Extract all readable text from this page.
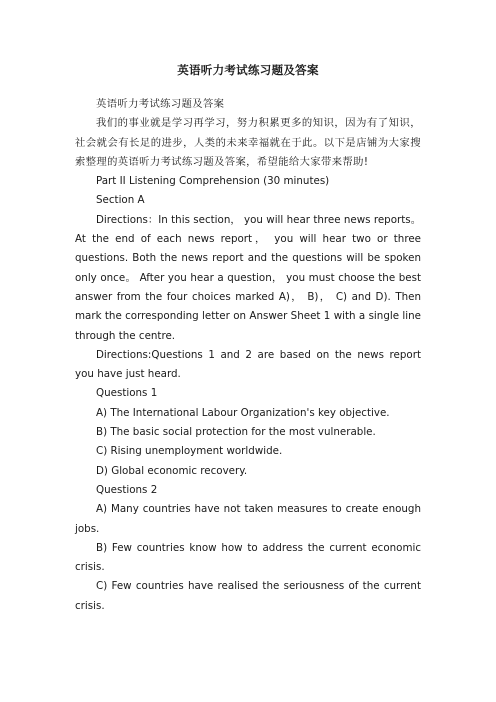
英语听力考试练习题及答案

英语听力考试练习题及答案

我们的事业就是学习再学习，努力积累更多的知识，因为有了知识，社会就会有长足的进步，人类的未来幸福就在于此。以下是店铺为大家搜索整理的英语听力考试练习题及答案，希望能给大家带来帮助!

Part II Listening Comprehension (30 minutes)

Section A

Directions：In this section， you will hear three news reports。At the end of each news report， you will hear two or three questions. Both the news report and the questions will be spoken only once。 After you hear a question， you must choose the best answer from the four choices marked A)， B)， C) and D). Then mark the corresponding letter on Answer Sheet 1 with a single line through the centre.

Directions:Questions 1 and 2 are based on the news report you have just heard.

Questions 1

A) The International Labour Organization's key objective.

B) The basic social protection for the most vulnerable.

C) Rising unemployment worldwide.

D) Global economic recovery.

Questions 2

A) Many countries have not taken measures to create enough jobs.

B) Few countries know how to address the current economic crisis.

C) Few countries have realised the seriousness of the current crisis.
